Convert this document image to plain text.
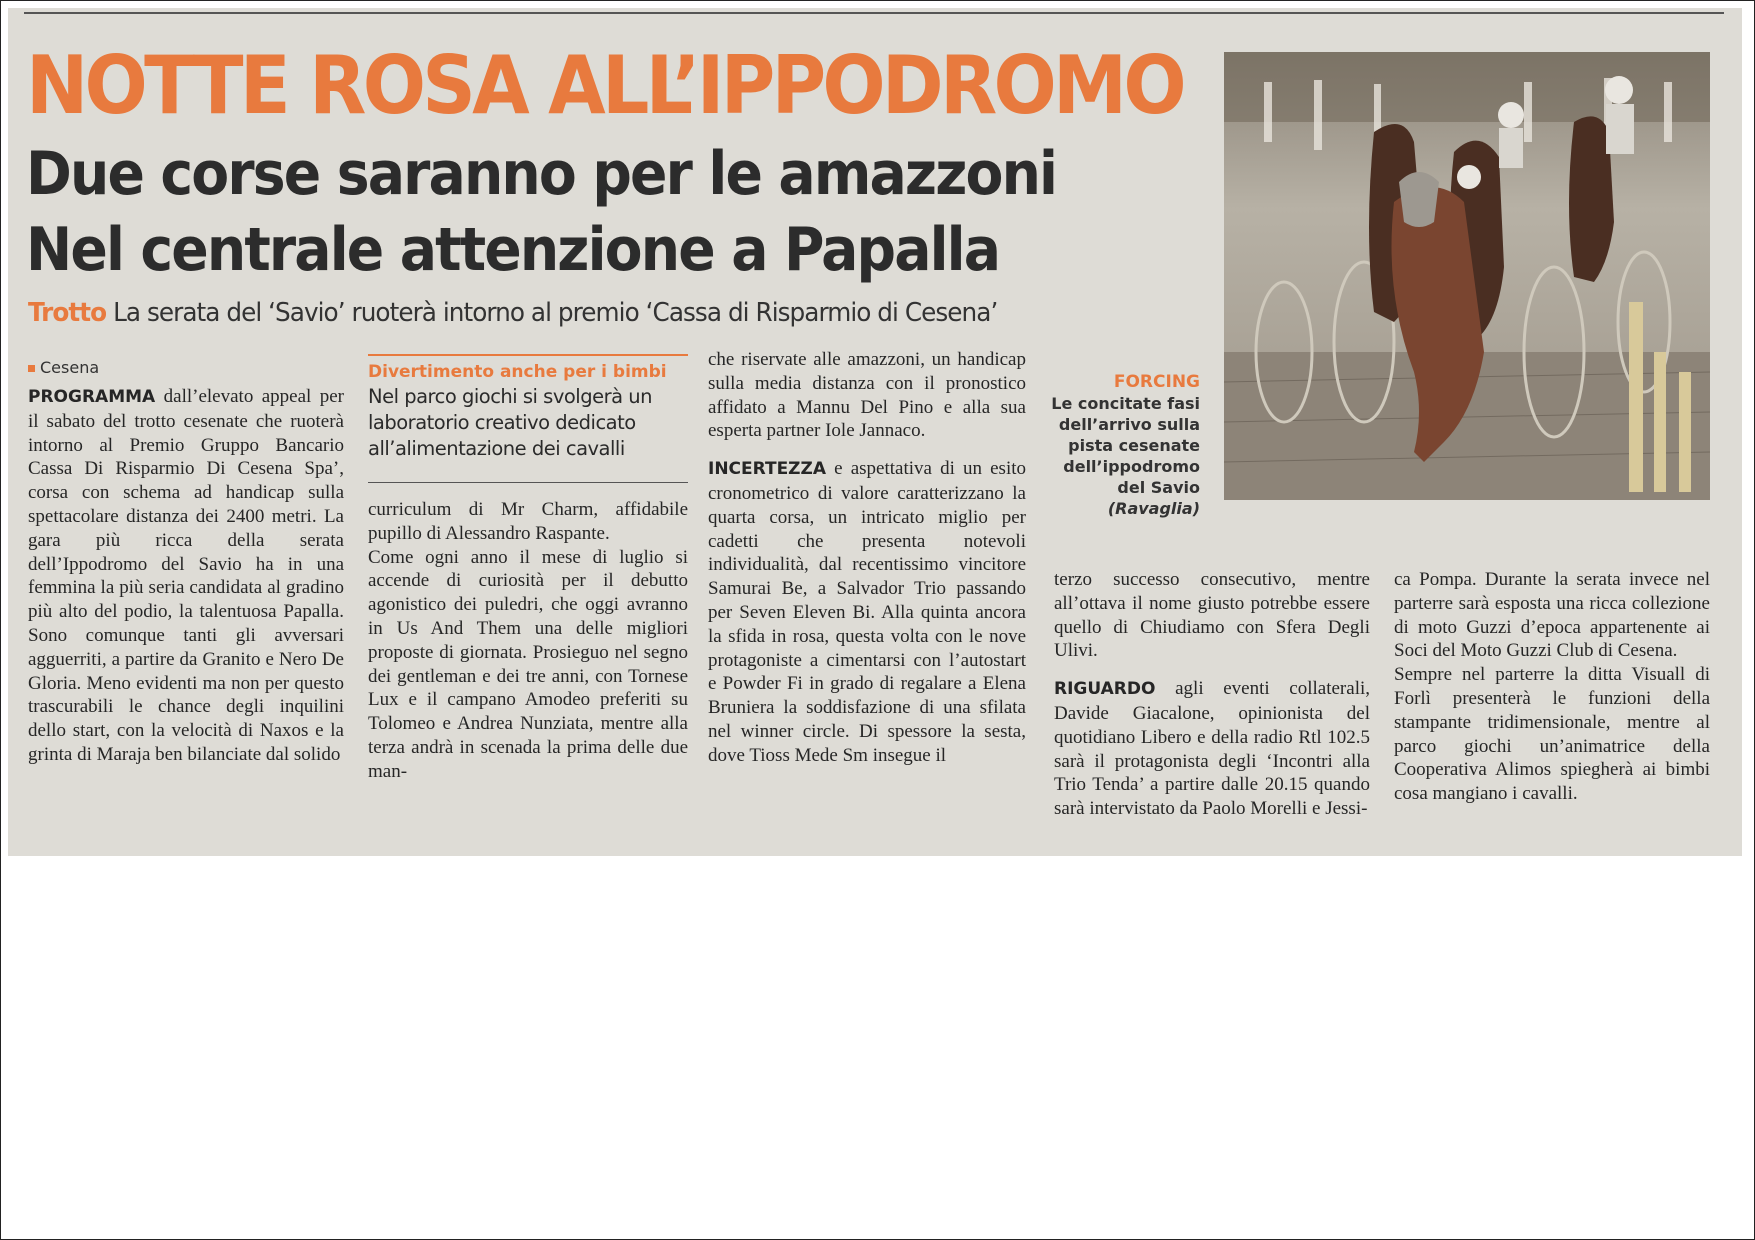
NOTTE ROSA ALL’IPPODROMO
Due corse saranno per le amazzoni
Nel centrale attenzione a Papalla
Trotto La serata del ‘Savio’ ruoterà intorno al premio ‘Cassa di Risparmio di Cesena’
FORCING
Le concitate fasi dell’arrivo sulla pista cesenate dell’ippodromo del Savio
(Ravaglia)
Cesena

PROGRAMMA dall’elevato appeal per il sabato del trotto cesenate che ruoterà intorno al Premio Gruppo Bancario Cassa Di Risparmio Di Cesena Spa’, corsa con schema ad handicap sulla spettacolare distanza dei 2400 metri. La gara più ricca della serata dell’Ippodromo del Savio ha in una femmina la più seria candidata al gradino più alto del podio, la talentuosa Papalla. Sono comunque tanti gli avversari agguerriti, a partire da Granito e Nero De Gloria. Meno evidenti ma non per questo trascurabili le chance degli inquilini dello start, con la velocità di Naxos e la grinta di Maraja ben bilanciate dal solido

Divertimento anche per i bimbi
Nel parco giochi si svolgerà un laboratorio creativo dedicato all’alimentazione dei cavalli

curriculum di Mr Charm, affidabile pupillo di Alessandro Raspante.

Come ogni anno il mese di luglio si accende di curiosità per il debutto agonistico dei puledri, che oggi avranno in Us And Them una delle migliori proposte di giornata. Prosieguo nel segno dei gentleman e dei tre anni, con Tornese Lux e il campano Amodeo preferiti su Tolomeo e Andrea Nunziata, mentre alla terza andrà in scenada la prima delle due man-

che riservate alle amazzoni, un handicap sulla media distanza con il pronostico affidato a Mannu Del Pino e alla sua esperta partner Iole Jannaco.

INCERTEZZA e aspettativa di un esito cronometrico di valore caratterizzano la quarta corsa, un intricato miglio per cadetti che presenta notevoli individualità, dal recentissimo vincitore Samurai Be, a Salvador Trio passando per Seven Eleven Bi. Alla quinta ancora la sfida in rosa, questa volta con le nove protagoniste a cimentarsi con l’autostart e Powder Fi in grado di regalare a Elena Bruniera la soddisfazione di una sfilata nel winner circle. Di spessore la sesta, dove Tioss Mede Sm insegue il

terzo successo consecutivo, mentre all’ottava il nome giusto potrebbe essere quello di Chiudiamo con Sfera Degli Ulivi.

RIGUARDO agli eventi collaterali, Davide Giacalone, opinionista del quotidiano Libero e della radio Rtl 102.5 sarà il protagonista degli ‘Incontri alla Trio Tenda’ a partire dalle 20.15 quando sarà intervistato da Paolo Morelli e Jessi-

ca Pompa. Durante la serata invece nel parterre sarà esposta una ricca collezione di moto Guzzi d’epoca appartenente ai Soci del Moto Guzzi Club di Cesena.

Sempre nel parterre la ditta Visuall di Forlì presenterà le funzioni della stampante tridimensionale, mentre al parco giochi un’animatrice della Cooperativa Alimos spiegherà ai bimbi cosa mangiano i cavalli.
